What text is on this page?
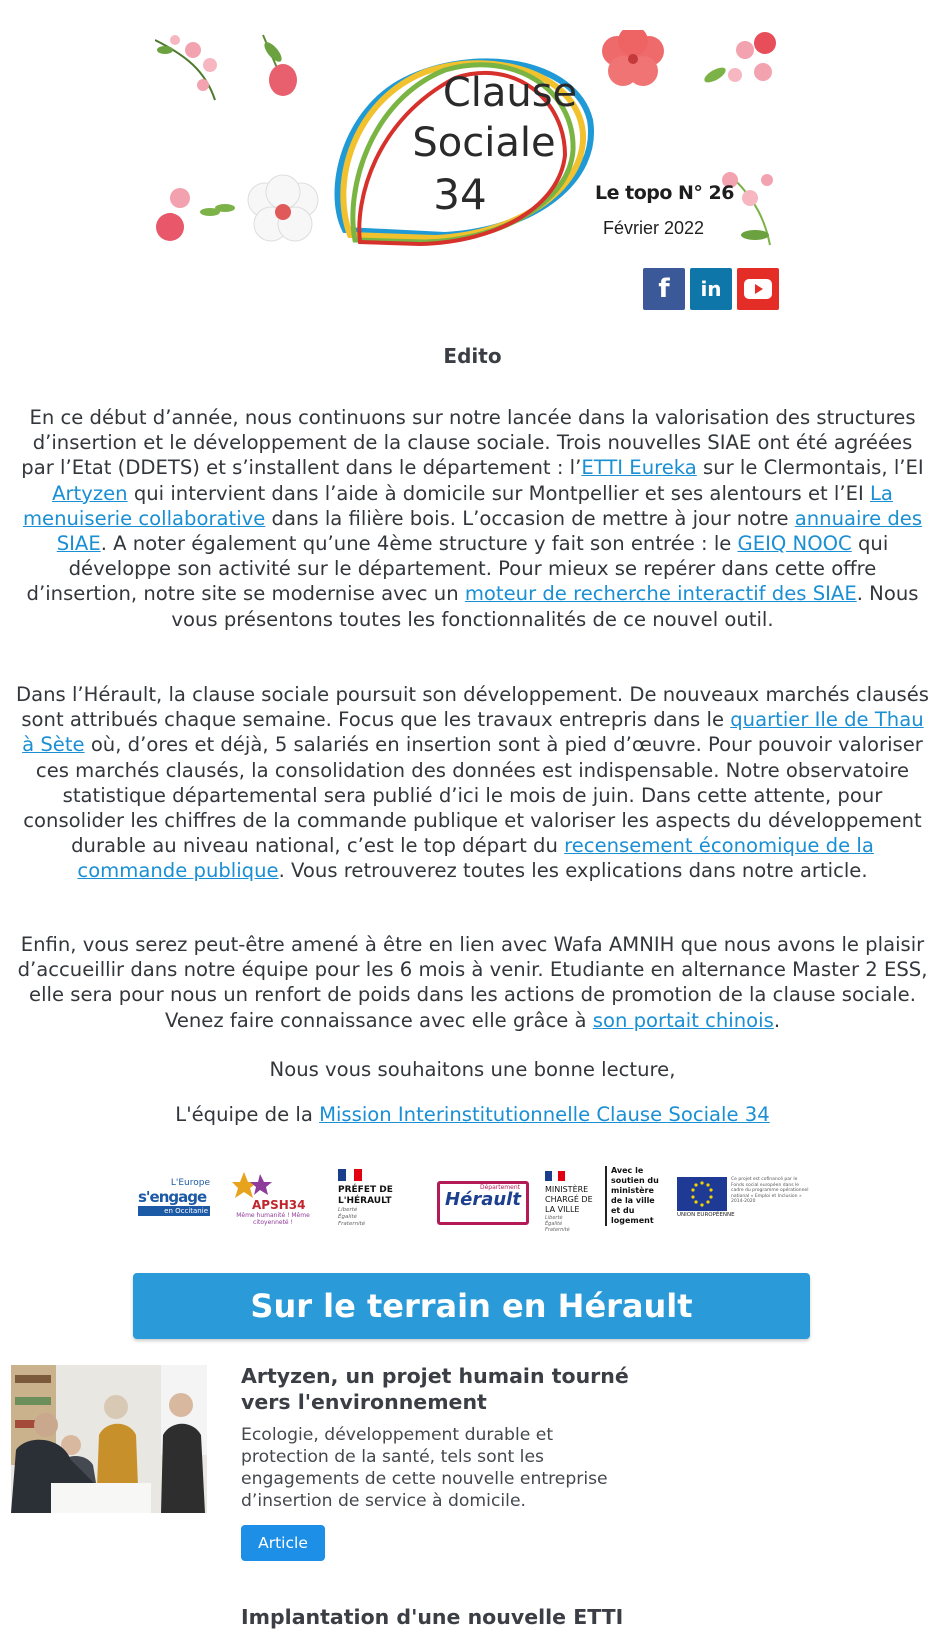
Clause
Sociale
34	Le topo N° 26
Février 2022
f	in
Edito

En ce début d’année, nous continuons sur notre lancée dans la valorisation des structures d’insertion et le développement de la clause sociale. Trois nouvelles SIAE ont été agréées par l’Etat (DDETS) et s’installent dans le département : l’ETTI Eureka sur le Clermontais, l’EI Artyzen qui intervient dans l’aide à domicile sur Montpellier et ses alentours et l’EI La menuiserie collaborative dans la filière bois. L’occasion de mettre à jour notre annuaire des SIAE. A noter également qu’une 4ème structure y fait son entrée : le GEIQ NOOC qui développe son activité sur le département. Pour mieux se repérer dans cette offre d’insertion, notre site se modernise avec un moteur de recherche interactif des SIAE. Nous vous présentons toutes les fonctionnalités de ce nouvel outil.

Dans l’Hérault, la clause sociale poursuit son développement. De nouveaux marchés clausés sont attribués chaque semaine. Focus que les travaux entrepris dans le quartier Ile de Thau à Sète où, d’ores et déjà, 5 salariés en insertion sont à pied d’œuvre. Pour pouvoir valoriser ces marchés clausés, la consolidation des données est indispensable. Notre observatoire statistique départemental sera publié d’ici le mois de juin. Dans cette attente, pour consolider les chiffres de la commande publique et valoriser les aspects du développement durable au niveau national, c’est le top départ du recensement économique de la commande publique. Vous retrouverez toutes les explications dans notre article.

Enfin, vous serez peut-être amené à être en lien avec Wafa AMNIH que nous avons le plaisir d’accueillir dans notre équipe pour les 6 mois à venir. Etudiante en alternance Master 2 ESS, elle sera pour nous un renfort de poids dans les actions de promotion de la clause sociale. Venez faire connaissance avec elle grâce à son portait chinois.

Nous vous souhaitons une bonne lecture,

L'équipe de la Mission Interinstitutionnelle Clause Sociale 34

L'Europe
s'engage
en Occitanie	APSH34
Même humanité ! Même citoyenneté !
PRÉFET DE L'HÉRAULT
Liberté Égalité Fraternité
Département
Hérault	MINISTÈRE CHARGÉ DE LA VILLE
Liberté Égalité Fraternité
Avec le soutien du ministère de la ville et du logement
Ce projet est cofinancé par le Fonds social européen dans le cadre du programme opérationnel national « Emploi et Inclusion » 2014-2020
UNION EUROPÉENNE
Sur le terrain en Hérault
Artyzen, un projet humain tourné vers l'environnement
Ecologie, développement durable et protection de la santé, tels sont les engagements de cette nouvelle entreprise d’insertion de service à domicile.
Article
Implantation d'une nouvelle ETTI
